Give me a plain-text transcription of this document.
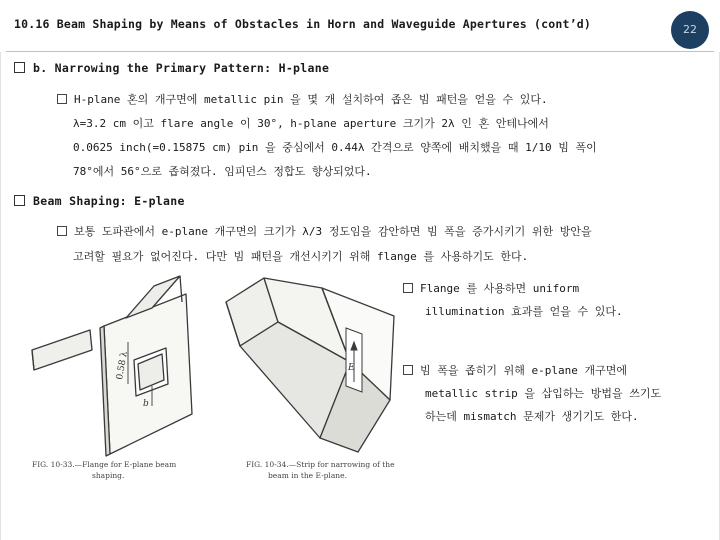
10.16 Beam Shaping by Means of Obstacles in Horn and Waveguide Apertures (cont’d)	22
b. Narrowing the Primary Pattern: H-plane
H-plane 혼의 개구면에 metallic pin 을 몇 개 설치하여 좁은 빔 패턴을 얻을 수 있다.
λ=3.2 cm 이고 flare angle 이 30°, h-plane aperture 크기가 2λ 인 혼 안테나에서
0.0625 inch(=0.15875 cm) pin 을 중심에서 0.44λ 간격으로 양쪽에 배치했을 때 1/10 빔 폭이
78°에서 56°으로 좁혀졌다. 임피던스 정합도 향상되었다.
Beam Shaping: E-plane
보통 도파관에서 e-plane 개구면의 크기가 λ/3 정도임을 감안하면 빔 폭을 증가시키기 위한 방안을
고려할 필요가 없어진다. 다만 빔 패턴을 개선시키기 위해 flange 를 사용하기도 한다.
Flange 를 사용하면 uniform
illumination 효과를 얻을 수 있다.
빔 폭을 좁히기 위해 e-plane 개구면에
metallic strip 을 삽입하는 방법을 쓰기도
하는데 mismatch 문제가 생기기도 한다.
0.58 λ
b
E
FIG. 10-33.—Flange for E-plane beam
shaping.
FIG. 10-34.—Strip for narrowing of the
beam in the E-plane.
